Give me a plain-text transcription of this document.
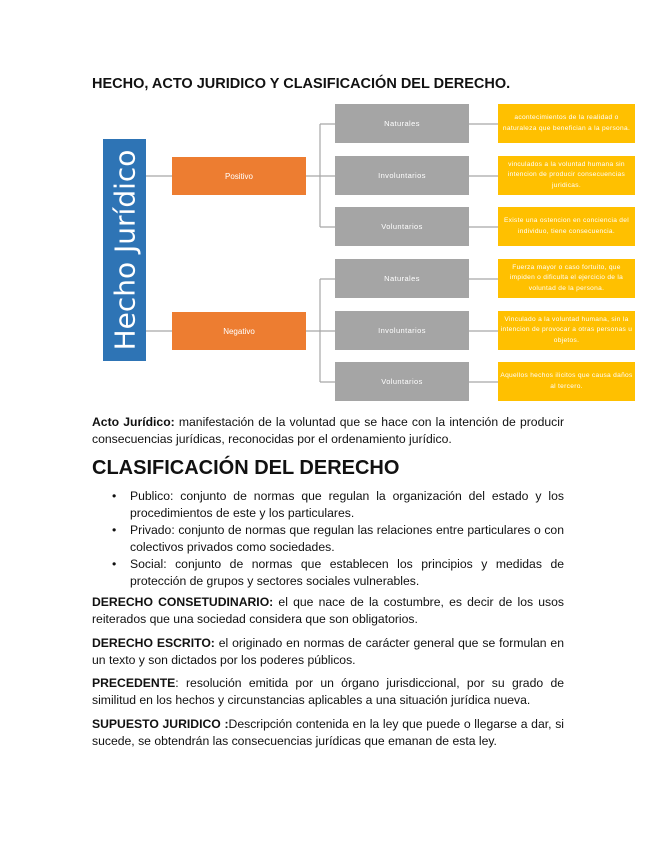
HECHO, ACTO JURIDICO Y CLASIFICACIÓN DEL DERECHO.
Hecho Jurídico	Positivo
Negativo
Naturales
Involuntarios
Voluntarios
Naturales
Involuntarios
Voluntarios
acontecimientos de la realidad o naturaleza que benefician a la persona.
vinculados a la voluntad humana sin intencion de producir consecuencias juridicas.
Existe una ostencion en conciencia del individuo, tiene consecuencia.
Fuerza mayor o caso fortuito, que impiden o dificulta el ejercicio de la voluntad de la persona.
Vinculado a la voluntad humana, sin la intencion de provocar a otras personas u objetos.
Aquellos hechos ilicitos que causa daños al tercero.

Acto Jurídico: manifestación de la voluntad que se hace con la intención de producir consecuencias jurídicas, reconocidas por el ordenamiento jurídico.

CLASIFICACIÓN DEL DERECHO
• Publico: conjunto de normas que regulan la organización del estado y los procedimientos de este y los particulares.
• Privado: conjunto de normas que regulan las relaciones entre particulares o con colectivos privados como sociedades.
• Social: conjunto de normas que establecen los principios y medidas de protección de grupos y sectores sociales vulnerables.

DERECHO CONSETUDINARIO: el que nace de la costumbre, es decir de los usos reiterados que una sociedad considera que son obligatorios.

DERECHO ESCRITO: el originado en normas de carácter general que se formulan en un texto y son dictados por los poderes públicos.

PRECEDENTE: resolución emitida por un órgano jurisdiccional, por su grado de similitud en los hechos y circunstancias aplicables a una situación jurídica nueva.

SUPUESTO JURIDICO :Descripción contenida en la ley que puede o llegarse a dar, si sucede, se obtendrán las consecuencias jurídicas que emanan de esta ley.
